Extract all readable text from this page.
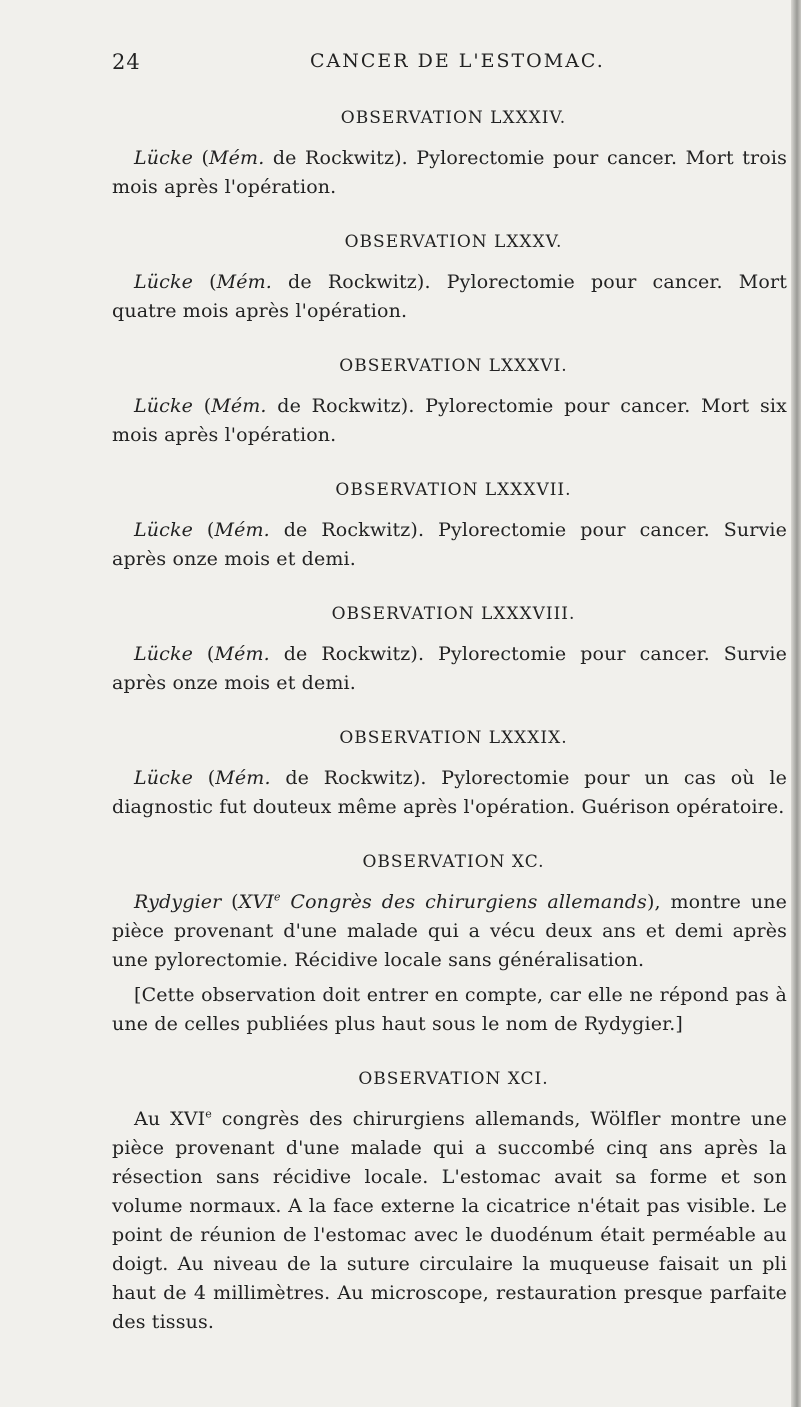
24	CANCER DE L'ESTOMAC.
OBSERVATION LXXXIV.

Lücke (Mém. de Rockwitz). Pylorectomie pour cancer. Mort trois mois après l'opération.

OBSERVATION LXXXV.

Lücke (Mém. de Rockwitz). Pylorectomie pour cancer. Mort quatre mois après l'opération.

OBSERVATION LXXXVI.

Lücke (Mém. de Rockwitz). Pylorectomie pour cancer. Mort six mois après l'opération.

OBSERVATION LXXXVII.

Lücke (Mém. de Rockwitz). Pylorectomie pour cancer. Survie après onze mois et demi.

OBSERVATION LXXXVIII.

Lücke (Mém. de Rockwitz). Pylorectomie pour cancer. Survie après onze mois et demi.

OBSERVATION LXXXIX.

Lücke (Mém. de Rockwitz). Pylorectomie pour un cas où le diagnostic fut douteux même après l'opération. Guérison opératoire.

OBSERVATION XC.

Rydygier (XVIe Congrès des chirurgiens allemands), montre une pièce provenant d'une malade qui a vécu deux ans et demi après une pylorectomie. Récidive locale sans généralisation.

[Cette observation doit entrer en compte, car elle ne répond pas à une de celles publiées plus haut sous le nom de Rydygier.]

OBSERVATION XCI.

Au XVIe congrès des chirurgiens allemands, Wölfler montre une pièce provenant d'une malade qui a succombé cinq ans après la résection sans récidive locale. L'estomac avait sa forme et son volume normaux. A la face externe la cicatrice n'était pas visible. Le point de réunion de l'estomac avec le duodénum était perméable au doigt. Au niveau de la suture circulaire la muqueuse faisait un pli haut de 4 millimètres. Au microscope, restauration presque parfaite des tissus.
